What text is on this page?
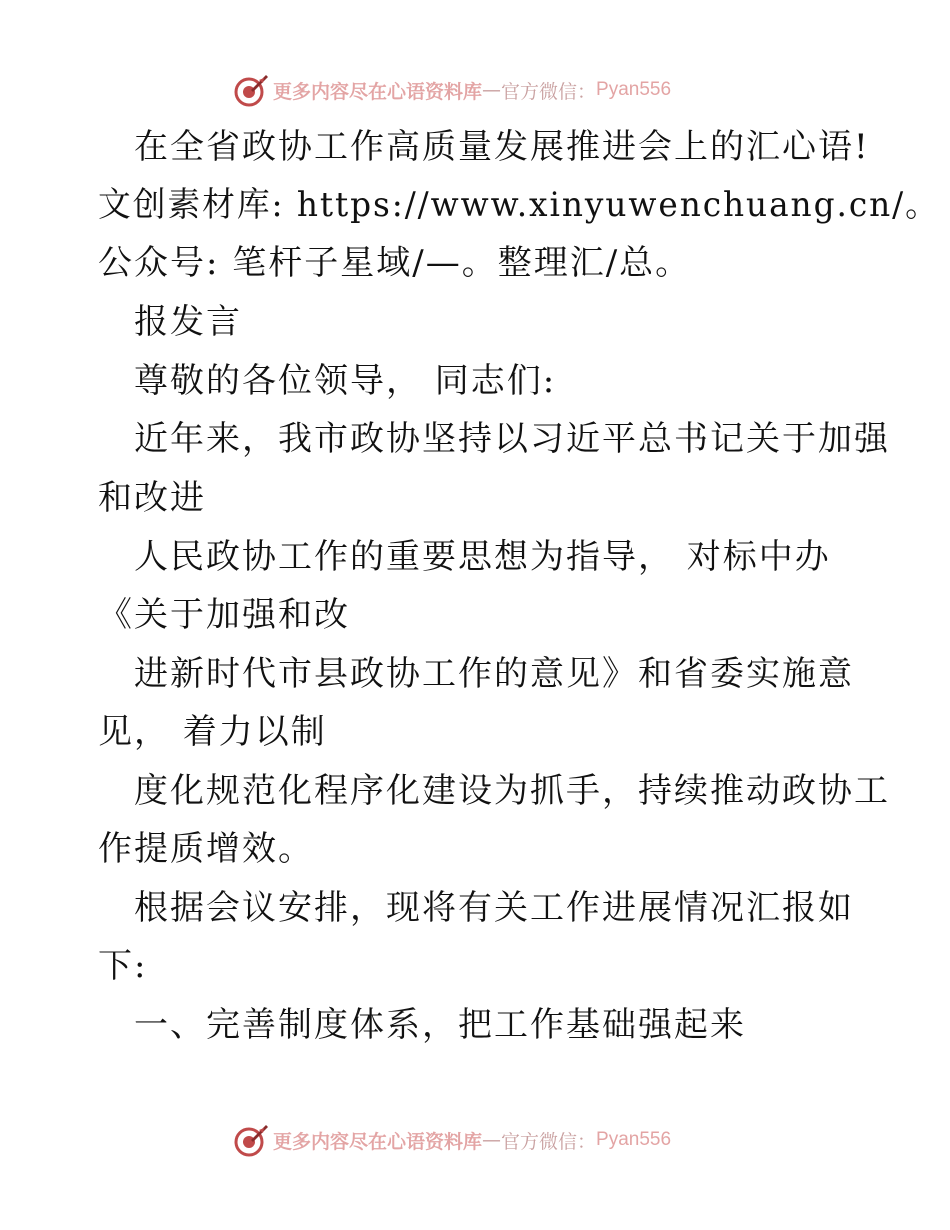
更多内容尽在心语资料库 — 官方微信： Pyan556
在全省政协工作高质量发展推进会上的汇心语!
文创素材库: https://www.xinyuwenchuang.cn/。
公众号: 笔杆子星域/—。整理汇/总。
报发言
尊敬的各位领导， 同志们:
近年来，我市政协坚持以习近平总书记关于加强
和改进
人民政协工作的重要思想为指导， 对标中办
《关于加强和改
进新时代市县政协工作的意见》和省委实施意
见， 着力以制
度化规范化程序化建设为抓手，持续推动政协工
作提质增效。
根据会议安排，现将有关工作进展情况汇报如
下:
一、完善制度体系，把工作基础强起来
更多内容尽在心语资料库 — 官方微信： Pyan556
